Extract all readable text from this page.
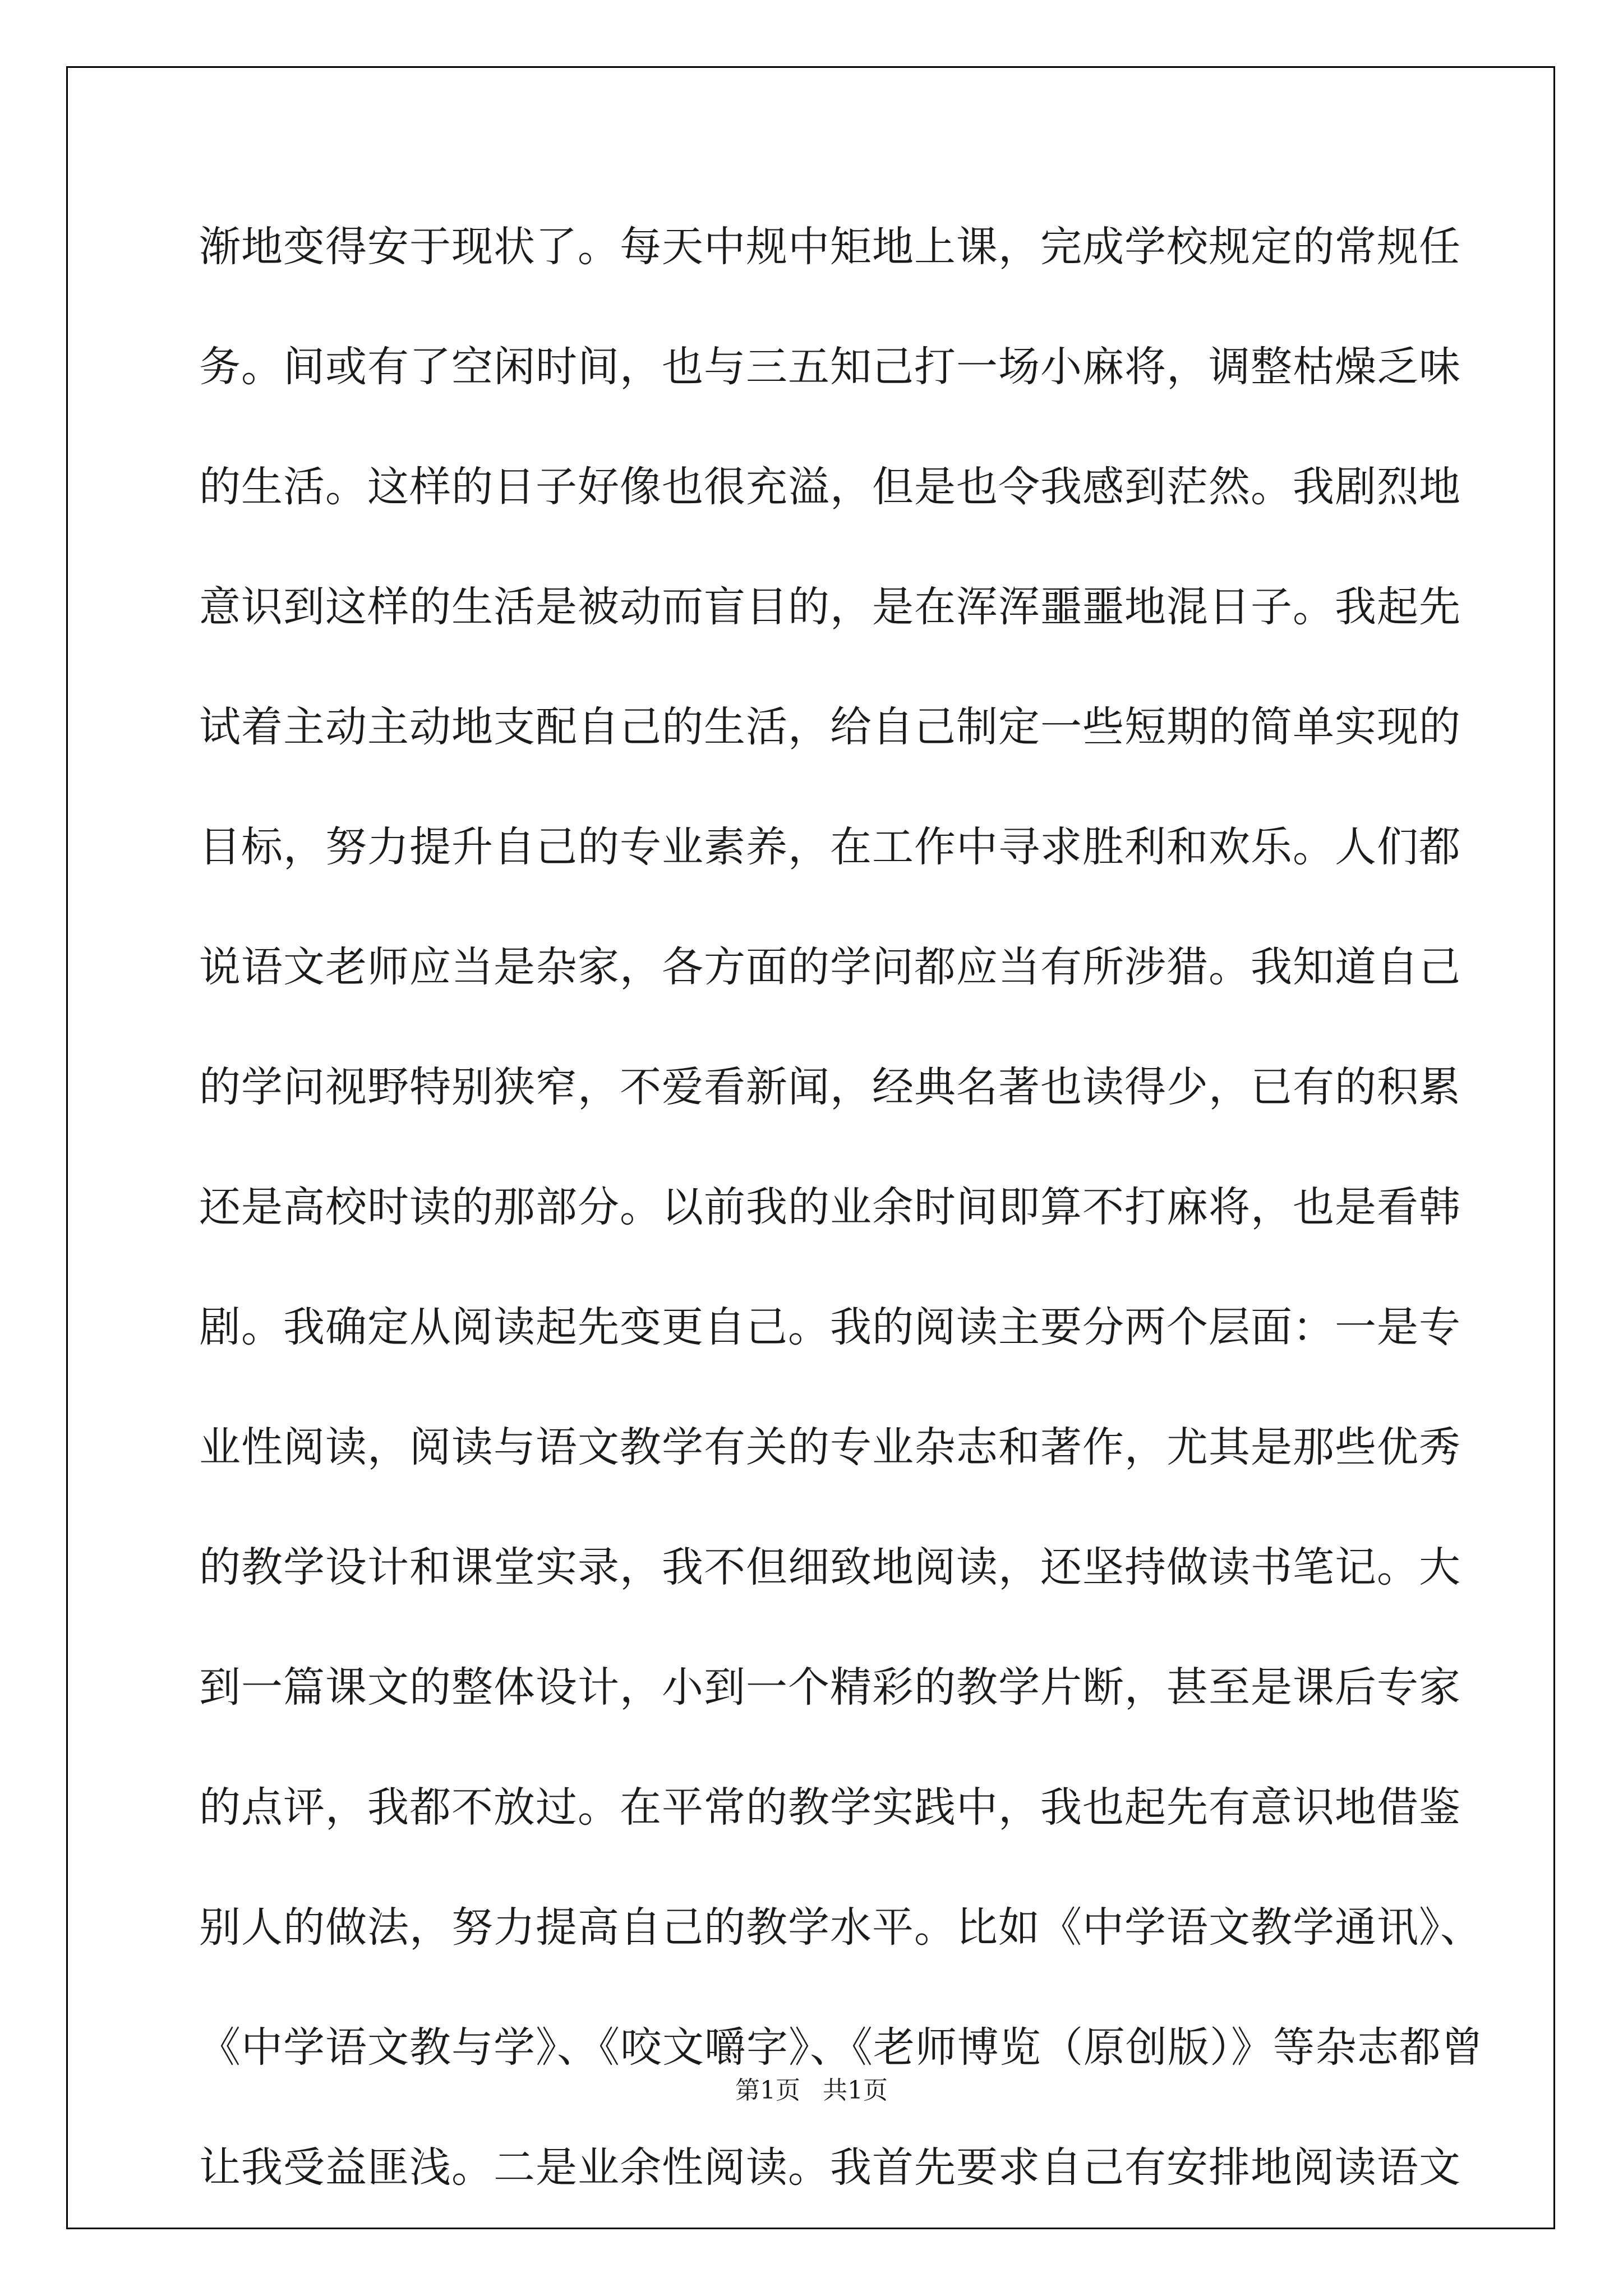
渐地变得安于现状了。每天中规中矩地上课，完成学校规定的常规任
务。间或有了空闲时间，也与三五知己打一场小麻将，调整枯燥乏味
的生活。这样的日子好像也很充溢，但是也令我感到茫然。我剧烈地
意识到这样的生活是被动而盲目的，是在浑浑噩噩地混日子。我起先
试着主动主动地支配自己的生活，给自己制定一些短期的简单实现的
目标，努力提升自己的专业素养，在工作中寻求胜利和欢乐。人们都
说语文老师应当是杂家，各方面的学问都应当有所涉猎。我知道自己
的学问视野特别狭窄，不爱看新闻，经典名著也读得少，已有的积累
还是高校时读的那部分。以前我的业余时间即算不打麻将，也是看韩
剧。我确定从阅读起先变更自己。我的阅读主要分两个层面：一是专
业性阅读，阅读与语文教学有关的专业杂志和著作，尤其是那些优秀
的教学设计和课堂实录，我不但细致地阅读，还坚持做读书笔记。大
到一篇课文的整体设计，小到一个精彩的教学片断，甚至是课后专家
的点评，我都不放过。在平常的教学实践中，我也起先有意识地借鉴
别人的做法，努力提高自己的教学水平。比如《中学语文教学通讯》、
《中学语文教与学》、《咬文嚼字》、《老师博览（原创版）》等杂志都曾
让我受益匪浅。二是业余性阅读。我首先要求自己有安排地阅读语文
第1页 共1页
